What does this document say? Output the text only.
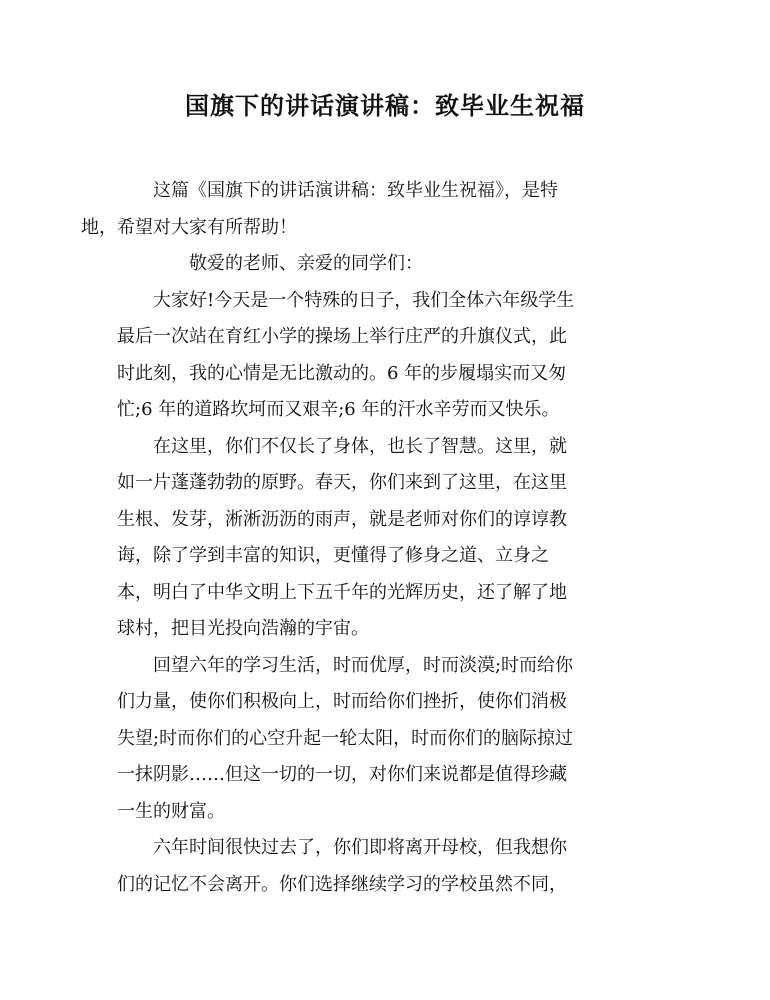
国旗下的讲话演讲稿：致毕业生祝福

这篇《国旗下的讲话演讲稿：致毕业生祝福》，是特
地，希望对大家有所帮助！

敬爱的老师、亲爱的同学们：

大家好!今天是一个特殊的日子，我们全体六年级学生
最后一次站在育红小学的操场上举行庄严的升旗仪式，此
时此刻，我的心情是无比激动的。6 年的步履塌实而又匆
忙;6 年的道路坎坷而又艰辛;6 年的汗水辛劳而又快乐。

在这里，你们不仅长了身体，也长了智慧。这里，就
如一片蓬蓬勃勃的原野。春天，你们来到了这里，在这里
生根、发芽，淅淅沥沥的雨声，就是老师对你们的谆谆教
诲，除了学到丰富的知识，更懂得了修身之道、立身之
本，明白了中华文明上下五千年的光辉历史，还了解了地
球村，把目光投向浩瀚的宇宙。

回望六年的学习生活，时而优厚，时而淡漠;时而给你
们力量，使你们积极向上，时而给你们挫折，使你们消极
失望;时而你们的心空升起一轮太阳，时而你们的脑际掠过
一抹阴影……但这一切的一切，对你们来说都是值得珍藏
一生的财富。

六年时间很快过去了，你们即将离开母校，但我想你
们的记忆不会离开。你们选择继续学习的学校虽然不同，
